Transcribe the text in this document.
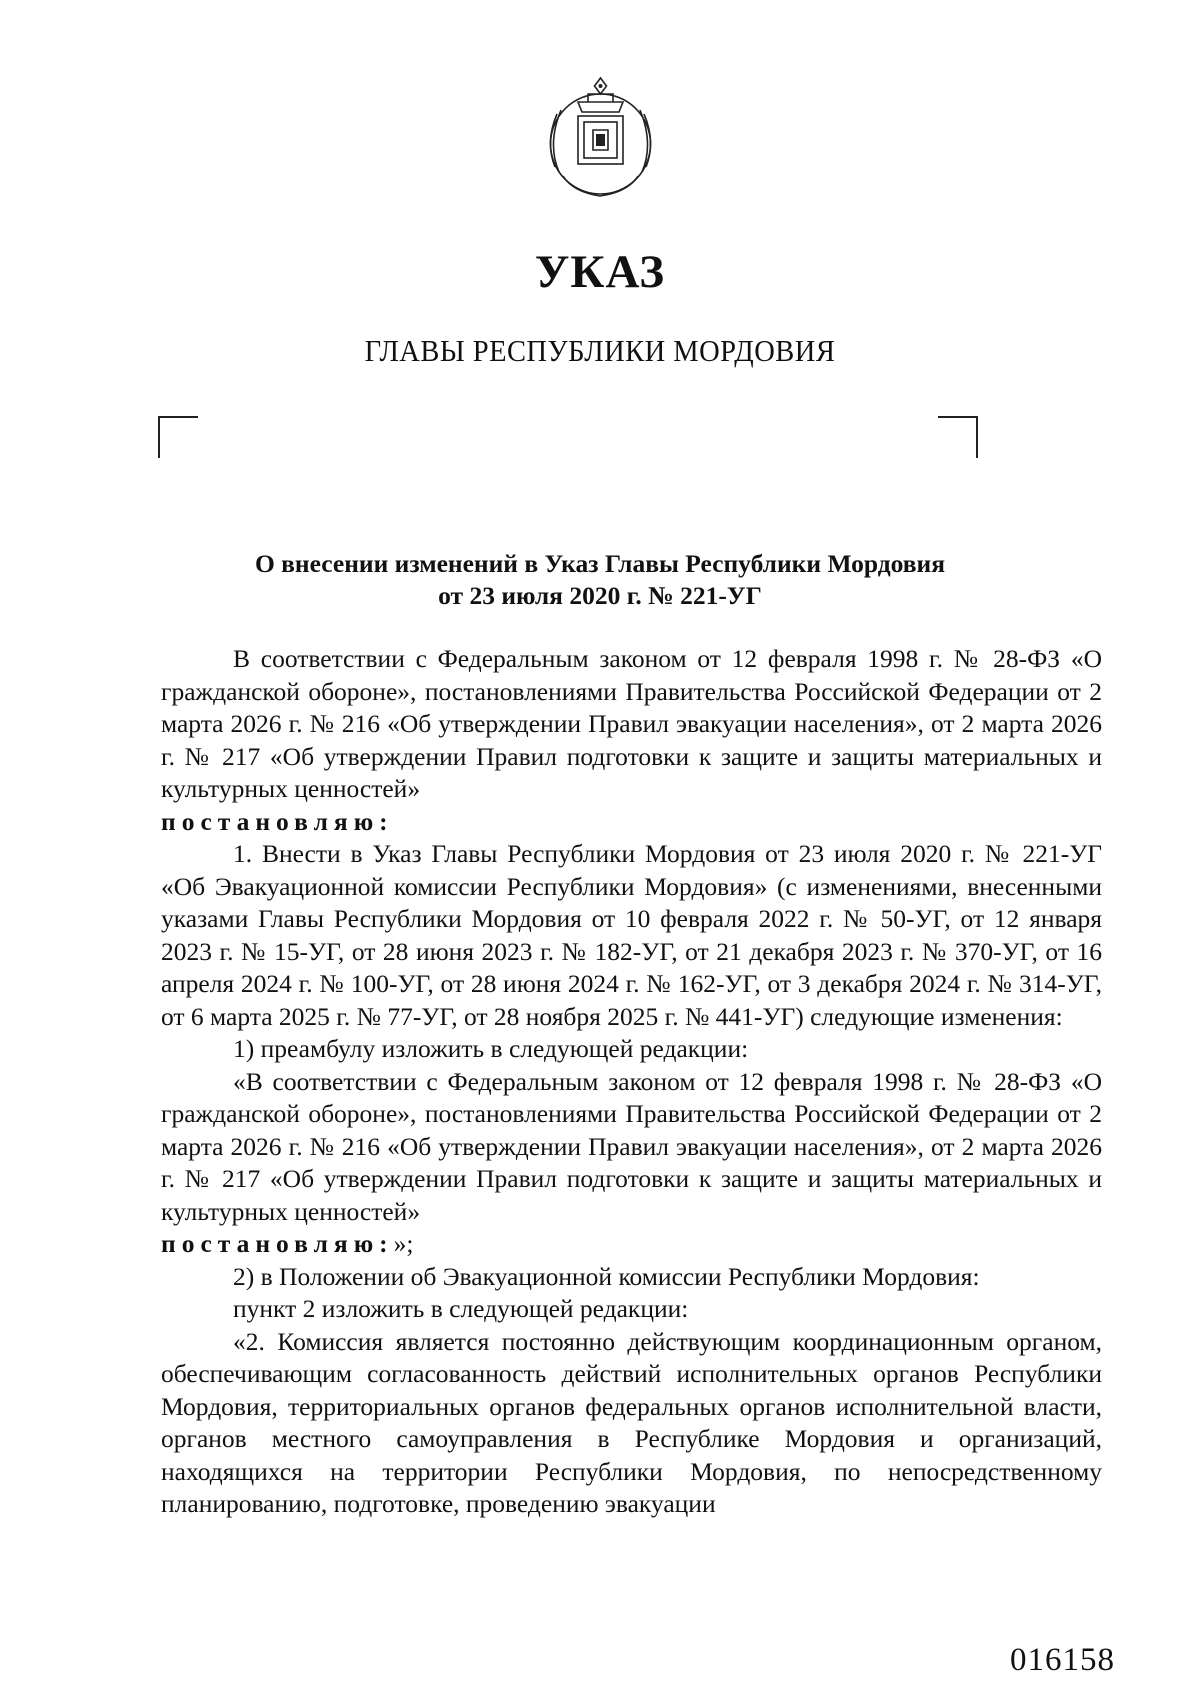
УКАЗ
ГЛАВЫ РЕСПУБЛИКИ МОРДОВИЯ
О внесении изменений в Указ Главы Республики Мордовия
от 23 июля 2020 г. № 221-УГ

В соответствии с Федеральным законом от 12 февраля 1998 г. № 28-ФЗ «О гражданской обороне», постановлениями Правительства Российской Федерации от 2 марта 2026 г. № 216 «Об утверждении Правил эвакуации населения», от 2 марта 2026 г. № 217 «Об утверждении Правил подготовки к защите и защиты материальных и культурных ценностей»

постановляю:

1. Внести в Указ Главы Республики Мордовия от 23 июля 2020 г. № 221-УГ «Об Эвакуационной комиссии Республики Мордовия» (с изменениями, внесенными указами Главы Республики Мордовия от 10 февраля 2022 г. № 50-УГ, от 12 января 2023 г. № 15-УГ, от 28 июня 2023 г. № 182-УГ, от 21 декабря 2023 г. № 370-УГ, от 16 апреля 2024 г. № 100-УГ, от 28 июня 2024 г. № 162-УГ, от 3 декабря 2024 г. № 314-УГ, от 6 марта 2025 г. № 77-УГ, от 28 ноября 2025 г. № 441-УГ) следующие изменения:

1) преамбулу изложить в следующей редакции:

«В соответствии с Федеральным законом от 12 февраля 1998 г. № 28-ФЗ «О гражданской обороне», постановлениями Правительства Российской Федерации от 2 марта 2026 г. № 216 «Об утверждении Правил эвакуации населения», от 2 марта 2026 г. № 217 «Об утверждении Правил подготовки к защите и защиты материальных и культурных ценностей»

постановляю:»;

2) в Положении об Эвакуационной комиссии Республики Мордовия:

пункт 2 изложить в следующей редакции:

«2. Комиссия является постоянно действующим координационным органом, обеспечивающим согласованность действий исполнительных органов Республики Мордовия, территориальных органов федеральных органов исполнительной власти, органов местного самоуправления в Республике Мордовия и организаций, находящихся на территории Республики Мордовия, по непосредственному планированию, подготовке, проведению эвакуации

016158
